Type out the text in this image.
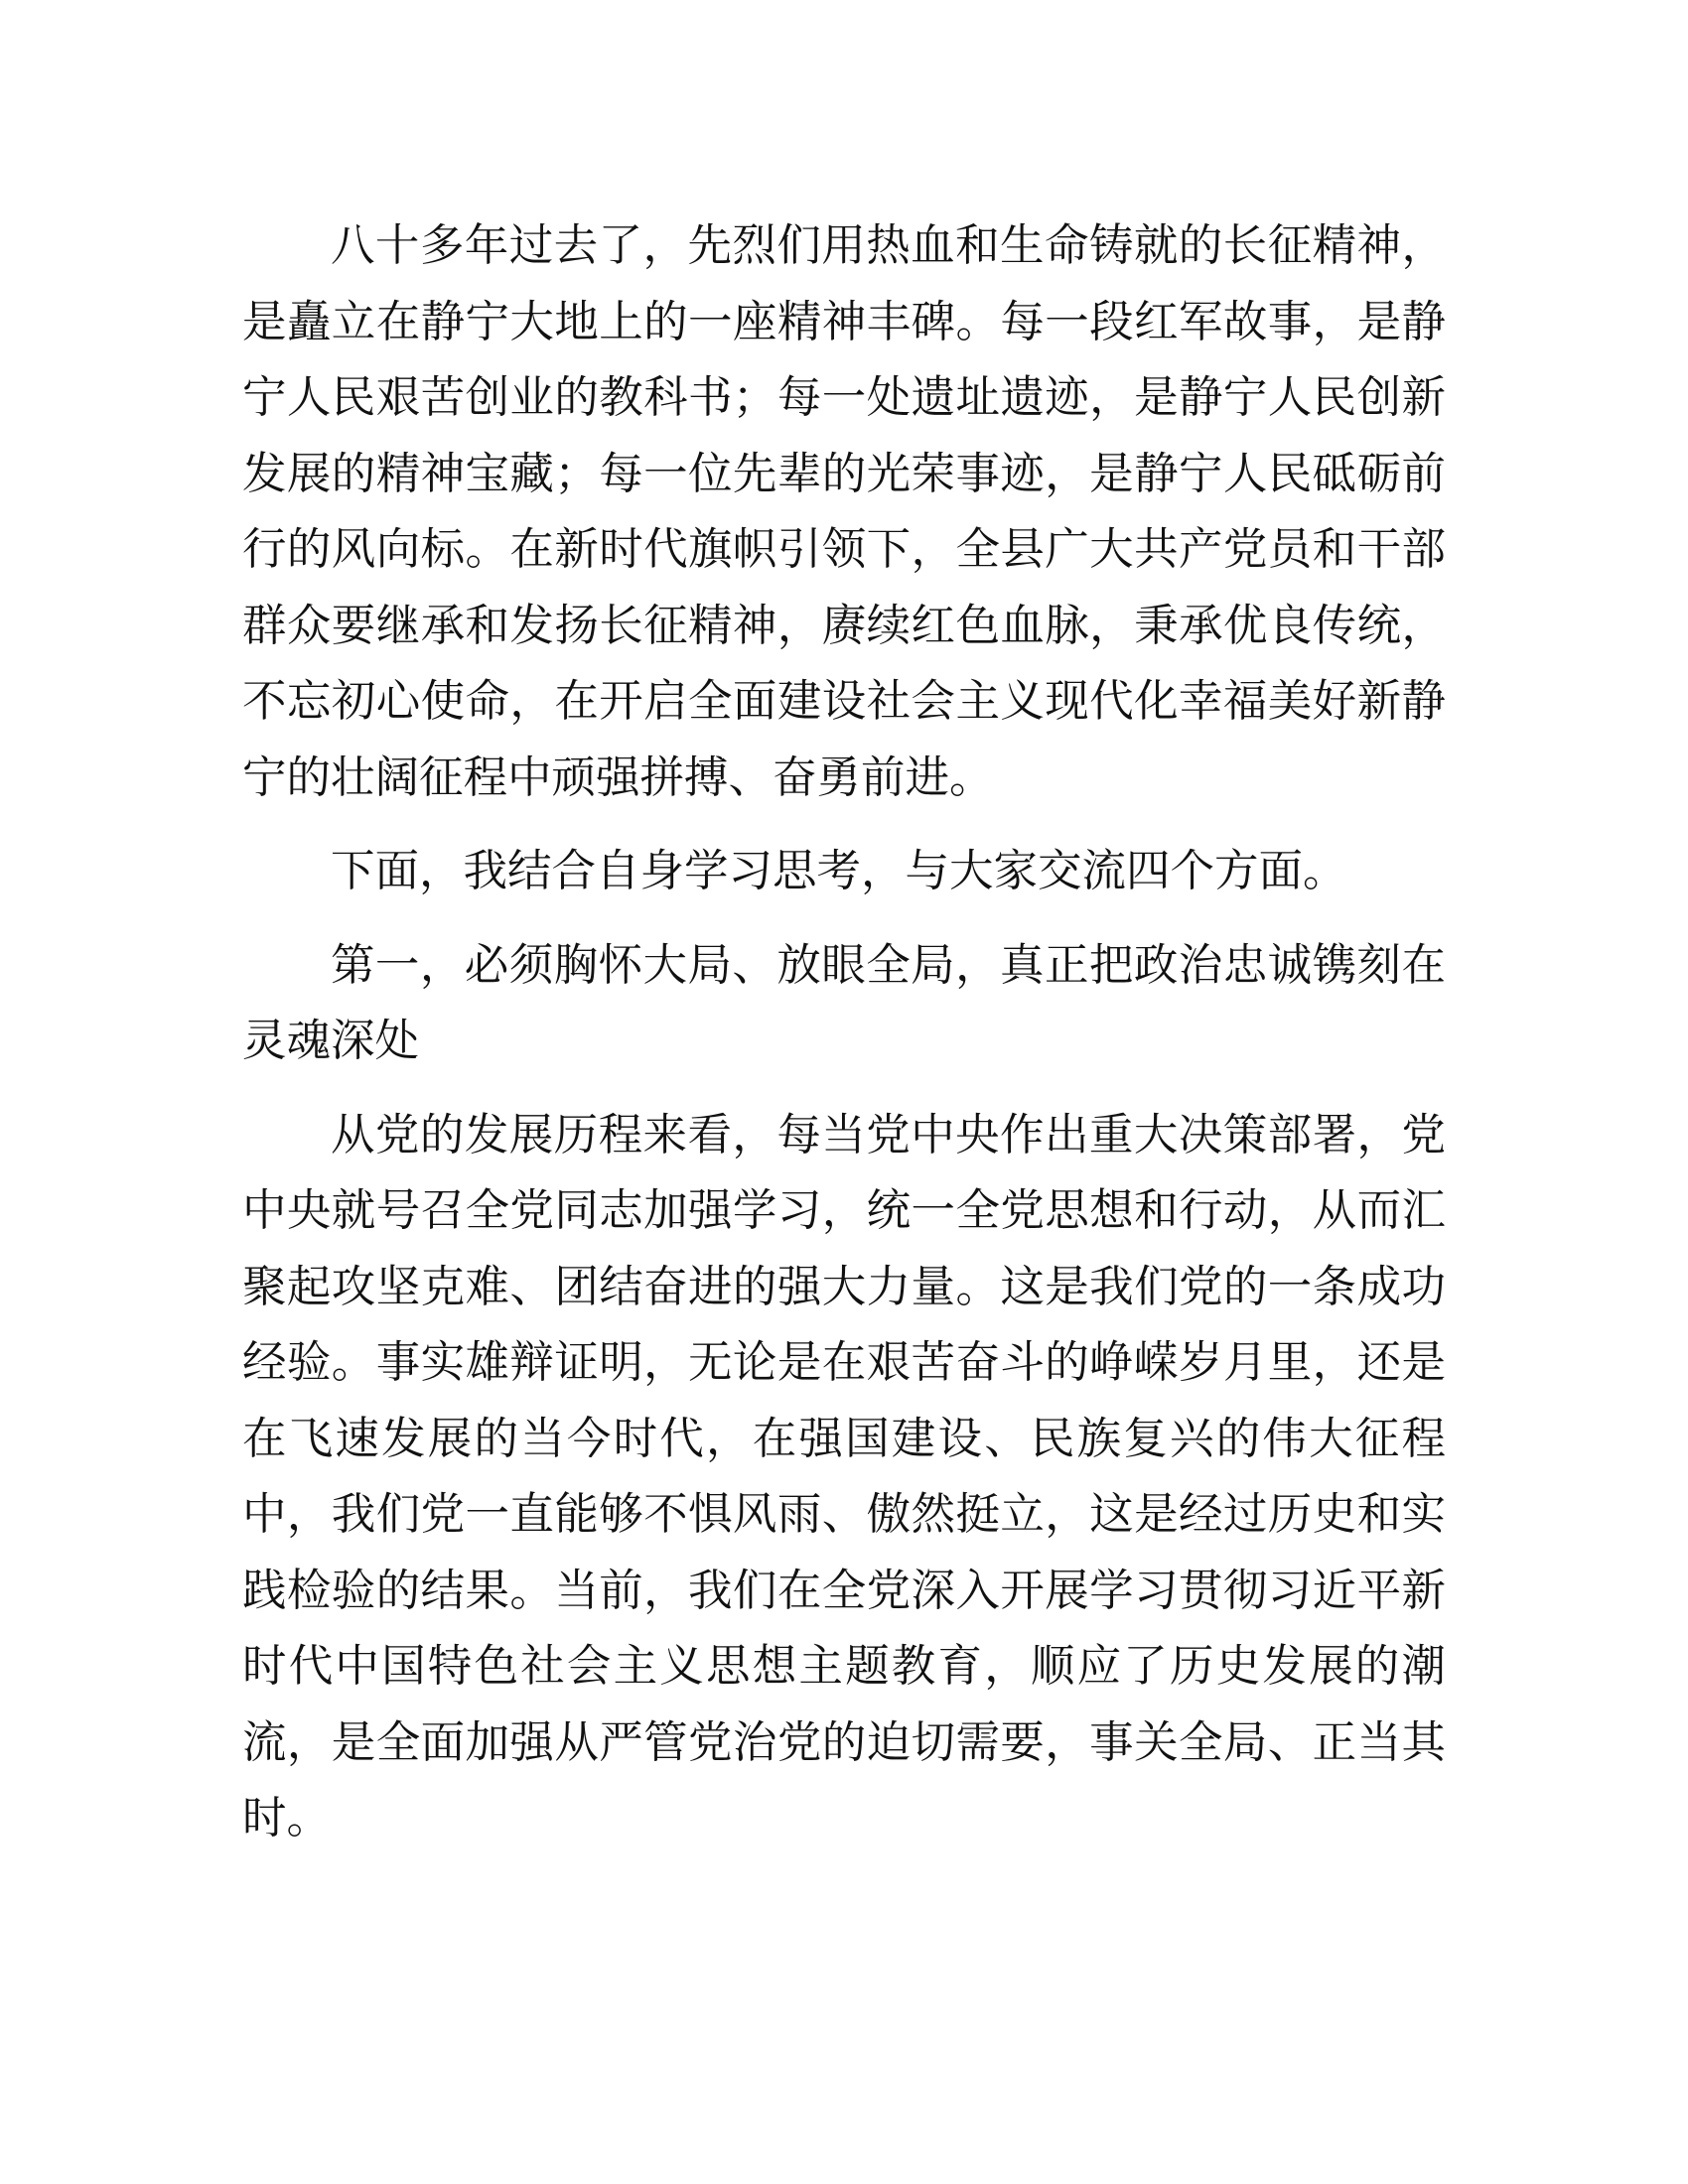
八十多年过去了，先烈们用热血和生命铸就的长征精神，是矗立在静宁大地上的一座精神丰碑。每一段红军故事，是静宁人民艰苦创业的教科书；每一处遗址遗迹，是静宁人民创新发展的精神宝藏；每一位先辈的光荣事迹，是静宁人民砥砺前行的风向标。在新时代旗帜引领下，全县广大共产党员和干部群众要继承和发扬长征精神，赓续红色血脉，秉承优良传统，不忘初心使命，在开启全面建设社会主义现代化幸福美好新静宁的壮阔征程中顽强拼搏、奋勇前进。

下面，我结合自身学习思考，与大家交流四个方面。

第一，必须胸怀大局、放眼全局，真正把政治忠诚镌刻在灵魂深处

从党的发展历程来看，每当党中央作出重大决策部署，党中央就号召全党同志加强学习，统一全党思想和行动，从而汇聚起攻坚克难、团结奋进的强大力量。这是我们党的一条成功经验。事实雄辩证明，无论是在艰苦奋斗的峥嵘岁月里，还是在飞速发展的当今时代，在强国建设、民族复兴的伟大征程中，我们党一直能够不惧风雨、傲然挺立，这是经过历史和实践检验的结果。当前，我们在全党深入开展学习贯彻习近平新时代中国特色社会主义思想主题教育，顺应了历史发展的潮流，是全面加强从严管党治党的迫切需要，事关全局、正当其时。
